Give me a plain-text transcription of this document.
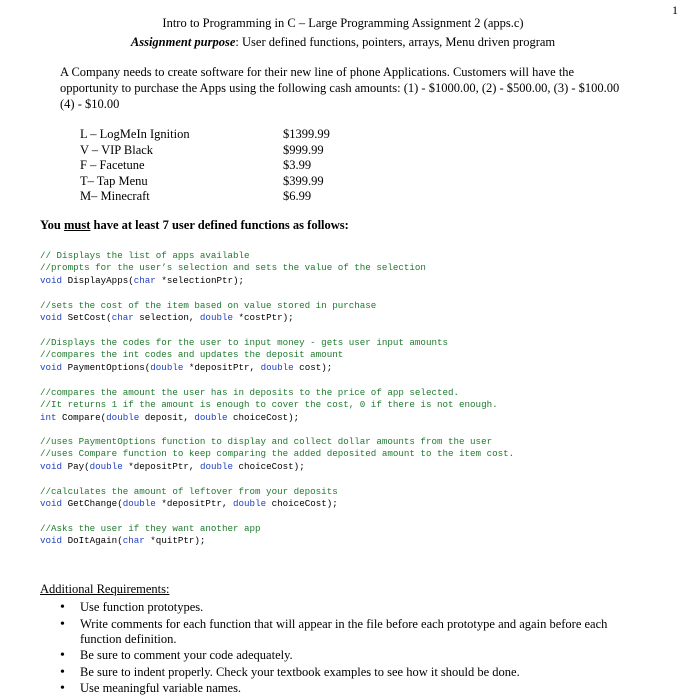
1
Intro to Programming in C – Large Programming Assignment 2 (apps.c)
Assignment purpose: User defined functions, pointers, arrays, Menu driven program
A Company needs to create software for their new line of phone Applications. Customers will have the opportunity to purchase the Apps using the following cash amounts: (1) - $1000.00, (2) - $500.00, (3) - $100.00 (4) - $10.00
L – LogMeIn Ignition	$1399.99
V – VIP Black	$999.99
F – Facetune	$3.99
T– Tap Menu	$399.99
M– Minecraft	$6.99
You must have at least 7 user defined functions as follows:
// Displays the list of apps available
//prompts for the user’s selection and sets the value of the selection
void DisplayApps(char *selectionPtr);
//sets the cost of the item based on value stored in purchase
void SetCost(char selection, double *costPtr);
//Displays the codes for the user to input money - gets user input amounts
//compares the int codes and updates the deposit amount
void PaymentOptions(double *depositPtr, double cost);
//compares the amount the user has in deposits to the price of app selected.
//It returns 1 if the amount is enough to cover the cost, 0 if there is not enough.
int Compare(double deposit, double choiceCost);
//uses PaymentOptions function to display and collect dollar amounts from the user
//uses Compare function to keep comparing the added deposited amount to the item cost.
void Pay(double *depositPtr, double choiceCost);
//calculates the amount of leftover from your deposits
void GetChange(double *depositPtr, double choiceCost);
//Asks the user if they want another app
void DoItAgain(char *quitPtr);
Additional Requirements:
• Use function prototypes.
• Write comments for each function that will appear in the file before each prototype and again before each function definition.
• Be sure to comment your code adequately.
• Be sure to indent properly. Check your textbook examples to see how it should be done.
• Use meaningful variable names.
